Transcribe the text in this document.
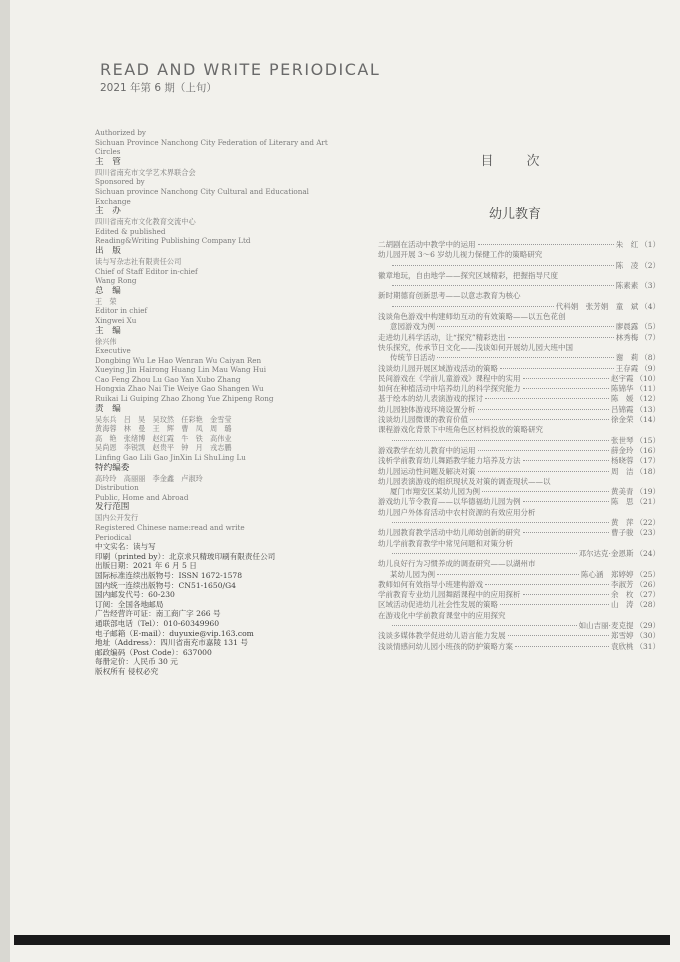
READ AND WRITE PERIODICAL
2021 年第 6 期（上旬）
Authorized by
Sichuan Province Nanchong City Federation of Literary and Art
Circles
主　管
四川省南充市文学艺术界联合会
Sponsored by
Sichuan province Nanchong City Cultural and Educational
Exchange
主　办
四川省南充市文化教育交流中心
Edited & published
Reading&Writing Publishing Company Ltd
出　版
读与写杂志社有限责任公司
Chief of Staff Editor in-chief
Wang Rong
总　编
王　荣
Editor in chief
Xingwei Xu
主　编
徐兴伟
Executive
Dongbing Wu Le Hao Wenran Wu Caiyan Ren
Xueying Jin Hairong Huang Lin Mau Wang Hui
Cao Feng Zhou Lu Gao Yan Xubo Zhang
Hongxia Zhao Nai Tie Weiye Gao Shangen Wu
Ruikai Li Guiping Zhao Zhong Yue Zhipeng Rong
责　编
吴东兵　吕　昊　吴玟然　任彩艳　金雪莹
黄海蓉　林　曼　王　辉　曹　凤　周　璐
高　艳　张绪博　赵红霞　牛　铁　高伟业
吴尚恩　李锐凯　赵贵平　钟　月　戎志鹏
Linfing Gao Lili Gao JinXin Li ShuLing Lu
特约编委
高玲玲　高丽丽　李金鑫　卢淑玲
Distribution
Public, Home and Abroad
发行范围
国内公开发行
Registered Chinese name:read and write
Periodical
中文实名：读与写
印刷（printed by）：北京求只精玻印刷有限责任公司
出版日期：2021 年 6 月 5 日
国际标准连续出版物号：ISSN 1672-1578
国内统一连续出版物号：CN51-1650/G4
国内邮发代号：60-230
订阅：全国各地邮局
广告经营许可证：南工商广字 266 号
通联部电话（Tel）：010-60349960
电子邮箱（E-mail）：duyuxie@vip.163.com
地址（Address）：四川省南充市嘉陵 131 号
邮政编码（Post Code）：637000
每册定价：人民币 30 元
版权所有 侵权必究
目　次
幼儿教育
二胡剧在活动中教学中的运用	朱　红 （1）
幼儿园开展 3～6 岁幼儿视力保健工作的策略研究
陈　凌 （2）
徽章地玩，自由地学——探究区域精彩，把握指导尺度
陈素素 （3）
新时期德育创新思考——以意志教育为核心
代科娟　张芳娟　童　斌 （4）
浅谈角色游戏中构建师幼互动的有效策略——以五色花创
意园游戏为例	廖晨露 （5）
走进幼儿科学活动，让“探究”精彩迭出	林秀梅 （7）
快乐探究，传承节日文化——浅谈如何开展幼儿园大班中国
传统节日活动	谢　莉 （8）
浅谈幼儿园开展区域游戏活动的策略	王存霞 （9）
民间游戏在《学前儿童游戏》课程中的实用	赵宇霞 （10）
如何在种植活动中培养幼儿的科学探究能力	陈锦华 （11）
基于绘本的幼儿表演游戏的探讨	陈　媛 （12）
幼儿园独体游戏环境设置分析	吕锦霞 （13）
浅谈幼儿园微课的教育价值	徐金荣 （14）
课程游戏化背景下中班角色区材料投放的策略研究
张世琴 （15）
游戏教学在幼儿教育中的运用	薛金玲 （16）
浅析学前教育幼儿舞蹈教学能力培养及方法	杨晓蓉 （17）
幼儿园运动性问题及解决对策	周　洁 （18）
幼儿园表演游戏的组织现状及对策的调查现状——以
厦门市翔安区某幼儿园为例	黄美青 （19）
游戏幼儿节令教育——以华德福幼儿园为例	陈　思 （21）
幼儿园户外体育活动中农村资源的有效应用分析
黄　萍 （22）
幼儿园教育教学活动中幼儿师幼创新的研究	曹子骏 （23）
幼儿学前教育教学中常见问题和对策分析
邓尔达克·金恩斯 （24）
幼儿良好行为习惯养成的调查研究——以湖州市
某幼儿园为例	陈心涵　郑婷婷 （25）
教师如何有效指导小班建构游戏	李淑芳 （26）
学前教育专业幼儿园舞蹈课程中的应用探析	余　枚 （27）
区域活动促进幼儿社会性发展的策略	山　涛 （28）
在游戏化中学前教育课堂中的应用探究
如山吉丽·麦克提 （29）
浅谈多媒体教学促进幼儿语言能力发展	郑雪婷 （30）
浅谈情感问幼儿园小班孩的防护策略方案	袁欣桃 （31）
